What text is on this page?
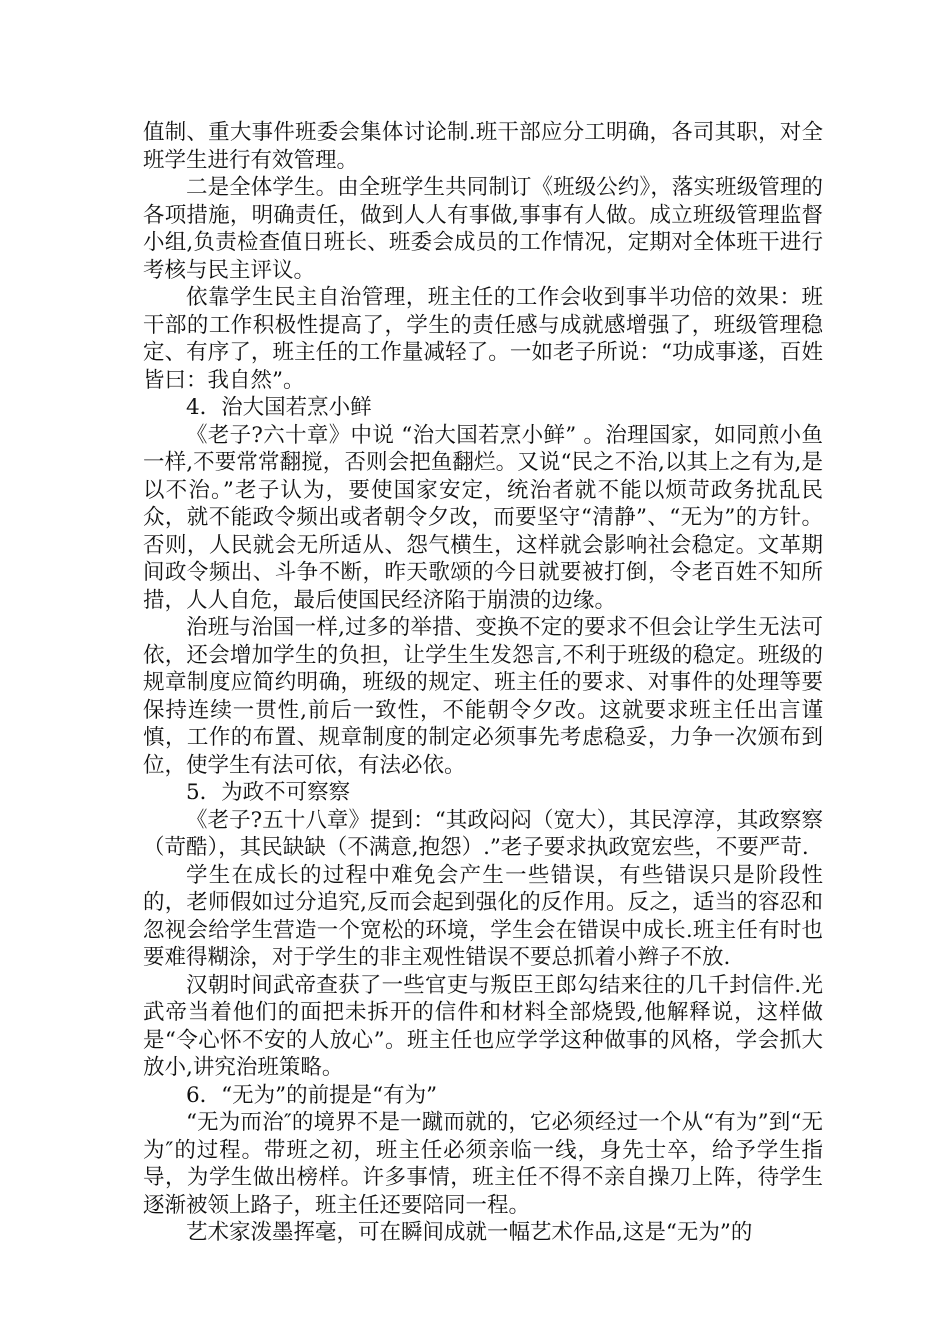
值制、重大事件班委会集体讨论制.班干部应分工明确，各司其职，对全班学生进行有效管理。

二是全体学生。由全班学生共同制订《班级公约》，落实班级管理的各项措施，明确责任，做到人人有事做,事事有人做。成立班级管理监督小组,负责检查值日班长、班委会成员的工作情况，定期对全体班干进行考核与民主评议。

依靠学生民主自治管理，班主任的工作会收到事半功倍的效果：班干部的工作积极性提高了，学生的责任感与成就感增强了，班级管理稳定、有序了，班主任的工作量减轻了。一如老子所说：“功成事遂，百姓皆曰：我自然”。

4．治大国若烹小鲜

《老子?六十章》中说 “治大国若烹小鲜” 。治理国家，如同煎小鱼一样,不要常常翻搅，否则会把鱼翻烂。又说“民之不治,以其上之有为,是以不治。”老子认为，要使国家安定，统治者就不能以烦苛政务扰乱民众，就不能政令频出或者朝令夕改，而要坚守“清静”、“无为”的方针。否则，人民就会无所适从、怨气横生，这样就会影响社会稳定。文革期间政令频出、斗争不断，昨天歌颂的今日就要被打倒，令老百姓不知所措，人人自危，最后使国民经济陷于崩溃的边缘。

治班与治国一样,过多的举措、变换不定的要求不但会让学生无法可依，还会增加学生的负担，让学生生发怨言,不利于班级的稳定。班级的规章制度应简约明确，班级的规定、班主任的要求、对事件的处理等要保持连续一贯性,前后一致性，不能朝令夕改。这就要求班主任出言谨慎，工作的布置、规章制度的制定必须事先考虑稳妥，力争一次颁布到位，使学生有法可依，有法必依。

5．为政不可察察

《老子?五十八章》提到：“其政闷闷（宽大），其民淳淳，其政察察（苛酷），其民缺缺（不满意,抱怨）.”老子要求执政宽宏些，不要严苛.

学生在成长的过程中难免会产生一些错误，有些错误只是阶段性的，老师假如过分追究,反而会起到强化的反作用。反之，适当的容忍和忽视会给学生营造一个宽松的环境，学生会在错误中成长.班主任有时也要难得糊涂，对于学生的非主观性错误不要总抓着小辫子不放.

汉朝时间武帝查获了一些官吏与叛臣王郎勾结来往的几千封信件.光武帝当着他们的面把未拆开的信件和材料全部烧毁,他解释说，这样做是“令心怀不安的人放心”。班主任也应学学这种做事的风格，学会抓大放小,讲究治班策略。

6．“无为”的前提是“有为”

“无为而治″的境界不是一蹴而就的，它必须经过一个从“有为”到“无为″的过程。带班之初，班主任必须亲临一线，身先士卒，给予学生指导，为学生做出榜样。许多事情，班主任不得不亲自操刀上阵，待学生逐渐被领上路子，班主任还要陪同一程。

艺术家泼墨挥毫，可在瞬间成就一幅艺术作品,这是“无为”的
